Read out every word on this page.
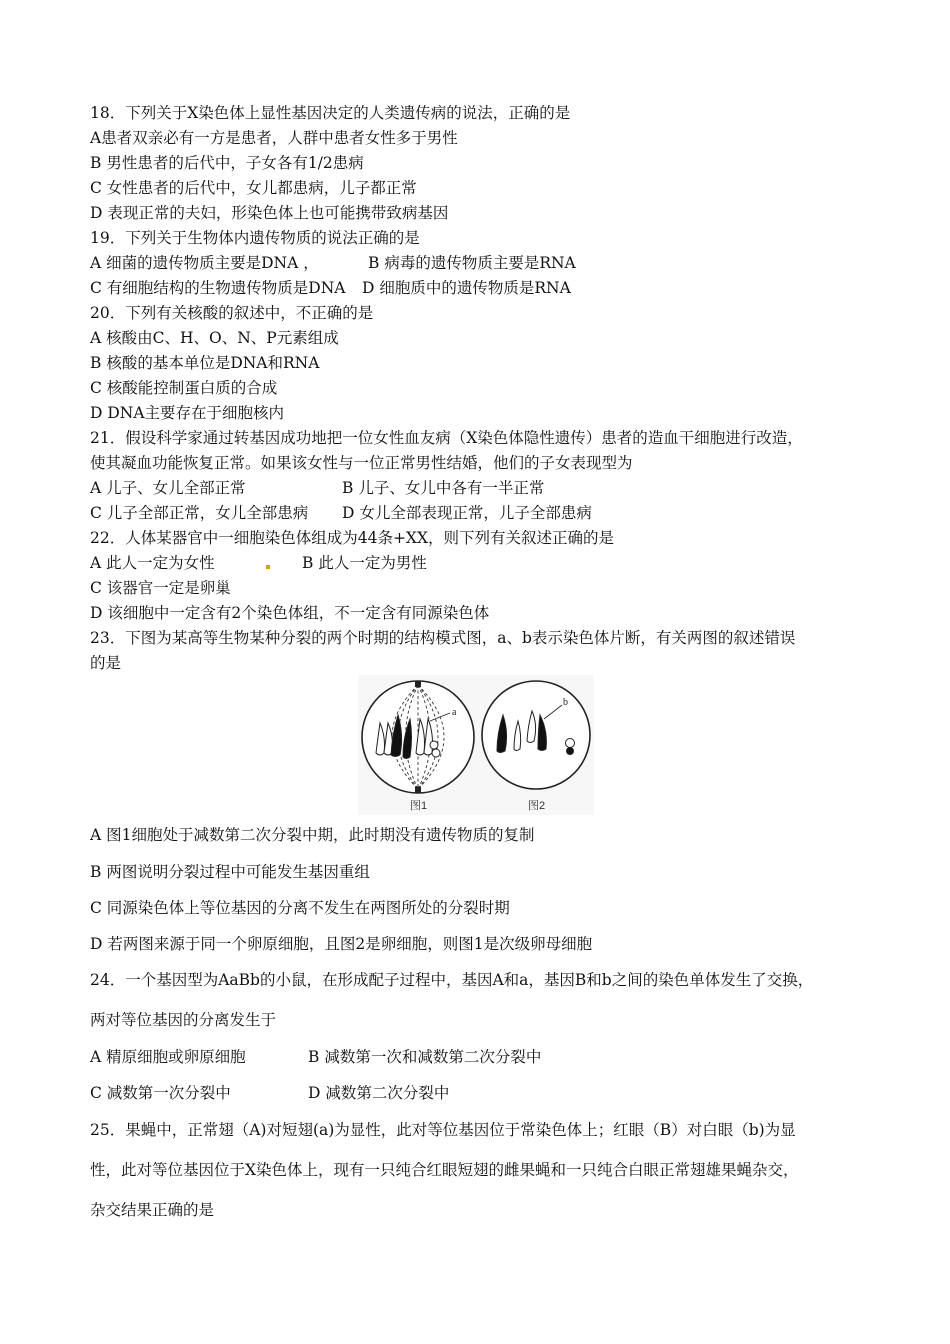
18．下列关于X染色体上显性基因决定的人类遗传病的说法，正确的是
A患者双亲必有一方是患者，人群中患者女性多于男性
B 男性患者的后代中，子女各有1/2患病
C 女性患者的后代中，女儿都患病，儿子都正常
D 表现正常的夫妇，形染色体上也可能携带致病基因
19．下列关于生物体内遗传物质的说法正确的是
A 细菌的遗传物质主要是DNA ，	B 病毒的遗传物质主要是RNA
C 有细胞结构的生物遗传物质是DNA D 细胞质中的遗传物质是RNA
20．下列有关核酸的叙述中，不正确的是
A 核酸由C、H、O、N、P元素组成
B 核酸的基本单位是DNA和RNA
C 核酸能控制蛋白质的合成
D DNA主要存在于细胞核内
21．假设科学家通过转基因成功地把一位女性血友病（X染色体隐性遗传）患者的造血干细胞进行改造，
使其凝血功能恢复正常。如果该女性与一位正常男性结婚，他们的子女表现型为
A 儿子、女儿全部正常	B 儿子、女儿中各有一半正常
C 儿子全部正常，女儿全部患病 D 女儿全部表现正常，儿子全部患病
22．人体某器官中一细胞染色体组成为44条+XX，则下列有关叙述正确的是
A 此人一定为女性	B 此人一定为男性
C 该器官一定是卵巢
D 该细胞中一定含有2个染色体组，不一定含有同源染色体
23．下图为某高等生物某种分裂的两个时期的结构模式图，a、b表示染色体片断，有关两图的叙述错误
的是
a
图1
b
图2
A 图1细胞处于减数第二次分裂中期，此时期没有遗传物质的复制
B 两图说明分裂过程中可能发生基因重组
C 同源染色体上等位基因的分离不发生在两图所处的分裂时期
D 若两图来源于同一个卵原细胞，且图2是卵细胞，则图1是次级卵母细胞
24．一个基因型为AaBb的小鼠，在形成配子过程中，基因A和a，基因B和b之间的染色单体发生了交换，
两对等位基因的分离发生于
A 精原细胞或卵原细胞	B 减数第一次和减数第二次分裂中
C 减数第一次分裂中	D 减数第二次分裂中
25．果蝇中，正常翅（A)对短翅(a)为显性，此对等位基因位于常染色体上；红眼（B）对白眼（b)为显
性，此对等位基因位于X染色体上，现有一只纯合红眼短翅的雌果蝇和一只纯合白眼正常翅雄果蝇杂交，
杂交结果正确的是
